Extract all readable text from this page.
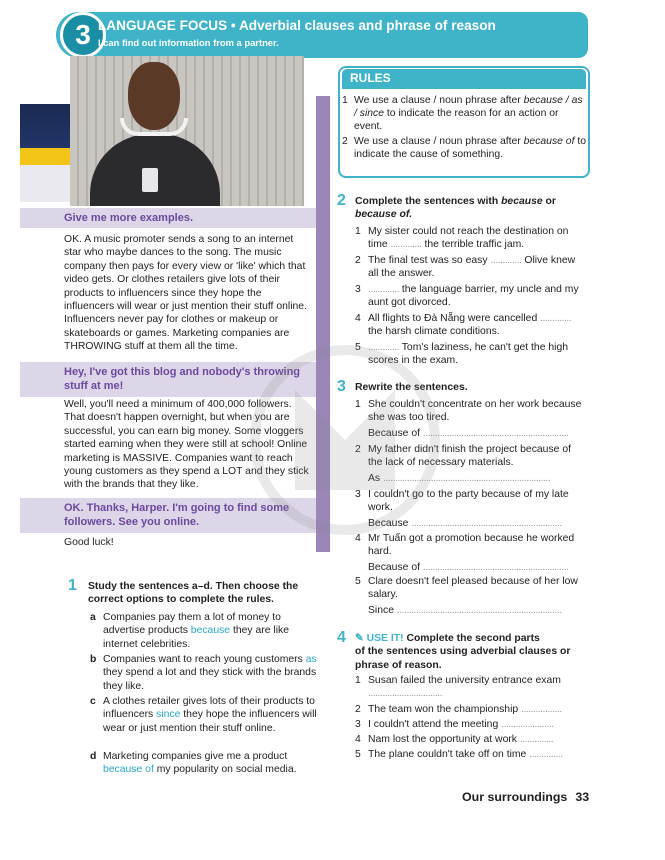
3 LANGUAGE FOCUS • Adverbial clauses and phrase of reason
I can find out information from a partner.
Give me more examples.
OK. A music promoter sends a song to an internet star who maybe dances to the song. The music company then pays for every view or 'like' which that video gets. Or clothes retailers give lots of their products to influencers since they hope the influencers will wear or just mention their stuff online. Influencers never pay for clothes or makeup or skateboards or games. Marketing companies are THROWING stuff at them all the time.
Hey, I've got this blog and nobody's throwing
stuff at me!
Well, you'll need a minimum of 400,000 followers. That doesn't happen overnight, but when you are successful, you can earn big money. Some vloggers started earning when they were still at school! Online marketing is MASSIVE. Companies want to reach young customers as they spend a LOT and they stick with the brands that they like.
OK. Thanks, Harper. I'm going to find some
followers. See you online.
Good luck!
RULES
1 We use a clause / noun phrase after because / as / since to indicate the reason for an action or event.
2 We use a clause / noun phrase after because of to indicate the cause of something.
1 Study the sentences a–d. Then choose the correct options to complete the rules.
a Companies pay them a lot of money to advertise products because they are like internet celebrities.
b Companies want to reach young customers as they spend a lot and they stick with the brands they like.
c A clothes retailer gives lots of their products to influencers since they hope the influencers will wear or just mention their stuff online.
d Marketing companies give me a product because of my popularity on social media.
2 Complete the sentences with because or because of.
1 My sister could not reach the destination on time ............. the terrible traffic jam.
2 The final test was so easy ............. Olive knew all the answer.
3 ............. the language barrier, my uncle and my aunt got divorced.
4 All flights to Đà Nẵng were cancelled ............. the harsh climate conditions.
5 ............. Tom's laziness, he can't get the high scores in the exam.
3 Rewrite the sentences.
1 She couldn't concentrate on her work because she was too tired.
Because of .............................................................
2 My father didn't finish the project because of the lack of necessary materials.
As ......................................................................
3 I couldn't go to the party because of my late work.
Because ...............................................................
4 Mr Tuấn got a promotion because he worked hard.
Because of .............................................................
5 Clare doesn't feel pleased because of her low salary.
Since .....................................................................
4 ✎ USE IT! Complete the second parts
of the sentences using adverbial clauses or phrase of reason.
1 Susan failed the university entrance exam
...............................
2 The team won the championship .................
3 I couldn't attend the meeting ......................
4 Nam lost the opportunity at work ..............
5 The plane couldn't take off on time ..............
Our surroundings 33
